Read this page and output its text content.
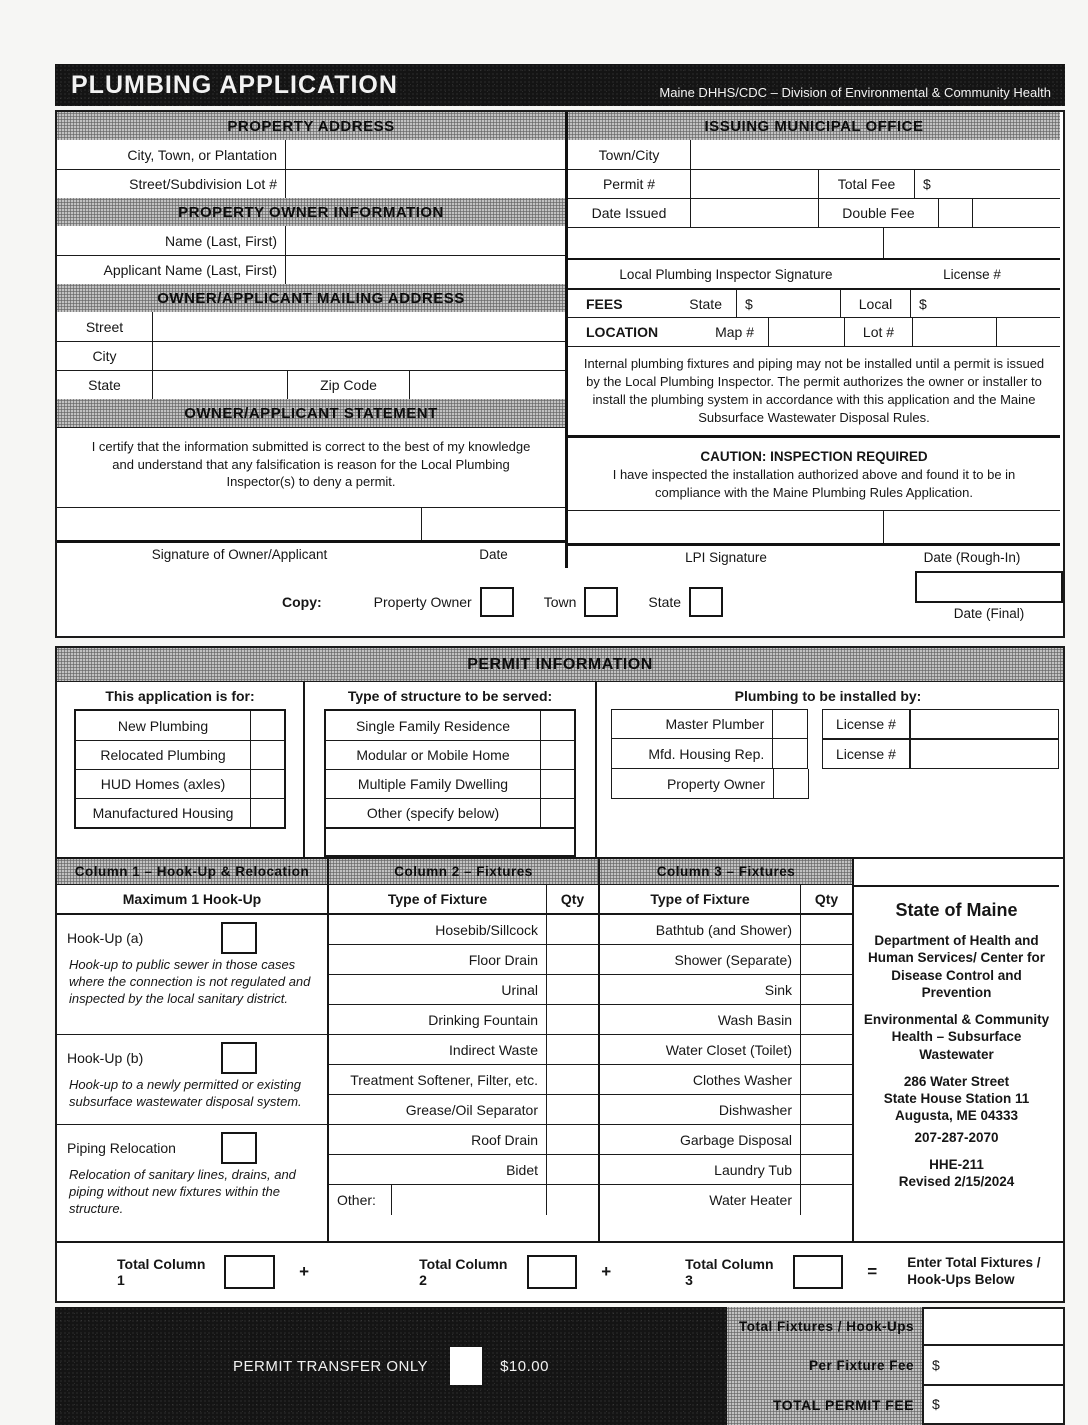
PLUMBING APPLICATION	Maine DHHS/CDC – Division of Environmental & Community Health
PROPERTY ADDRESS
City, Town, or Plantation
Street/Subdivision Lot #
PROPERTY OWNER INFORMATION
Name (Last, First)
Applicant Name (Last, First)
OWNER/APPLICANT MAILING ADDRESS
Street
City
State	Zip Code
OWNER/APPLICANT STATEMENT
I certify that the information submitted is correct to the best of my knowledge and understand that any falsification is reason for the Local Plumbing Inspector(s) to deny a permit.
Signature of Owner/Applicant	Date
ISSUING MUNICIPAL OFFICE
Town/City
Permit #	Total Fee	$
Date Issued	Double Fee
Local Plumbing Inspector Signature	License #
FEES	State	$	Local	$
LOCATION	Map #	Lot #
Internal plumbing fixtures and piping may not be installed until a permit is issued by the Local Plumbing Inspector. The permit authorizes the owner or installer to install the plumbing system in accordance with this application and the Maine Subsurface Wastewater Disposal Rules.
CAUTION: INSPECTION REQUIRED
I have inspected the installation authorized above and found it to be in compliance with the Maine Plumbing Rules Application.
LPI Signature	Date (Rough-In)
Copy:	Property Owner	Town	State
Date (Final)
PERMIT INFORMATION
This application is for:
New Plumbing
Relocated Plumbing
HUD Homes (axles)
Manufactured Housing
Type of structure to be served:
Single Family Residence
Modular or Mobile Home
Multiple Family Dwelling
Other (specify below)
Plumbing to be installed by:
Master Plumber	License #
Mfd. Housing Rep.	License #
Property Owner
Column 1 – Hook-Up & Relocation
Maximum 1 Hook-Up
Hook-Up (a)
Hook-up to public sewer in those cases where the connection is not regulated and inspected by the local sanitary district.
Hook-Up (b)
Hook-up to a newly permitted or existing subsurface wastewater disposal system.
Piping Relocation
Relocation of sanitary lines, drains, and piping without new fixtures within the structure.
Column 2 – Fixtures
Type of Fixture	Qty
Hosebib/Sillcock
Floor Drain
Urinal
Drinking Fountain
Indirect Waste
Treatment Softener, Filter, etc.
Grease/Oil Separator
Roof Drain
Bidet
Other:
Column 3 – Fixtures
Type of Fixture	Qty
Bathtub (and Shower)
Shower (Separate)
Sink
Wash Basin
Water Closet (Toilet)
Clothes Washer
Dishwasher
Garbage Disposal
Laundry Tub
Water Heater
State of Maine

Department of Health and Human Services/ Center for Disease Control and Prevention

Environmental & Community Health – Subsurface Wastewater

286 Water Street
State House Station 11
Augusta, ME 04333

207-287-2070

HHE-211
Revised 2/15/2024
Total Column 1	+	Total Column 2	+	Total Column 3	= Enter Total Fixtures / Hook-Ups Below
PERMIT TRANSFER ONLY	$10.00
Total Fixtures / Hook-Ups
Per Fixture Fee	$
TOTAL PERMIT FEE	$
